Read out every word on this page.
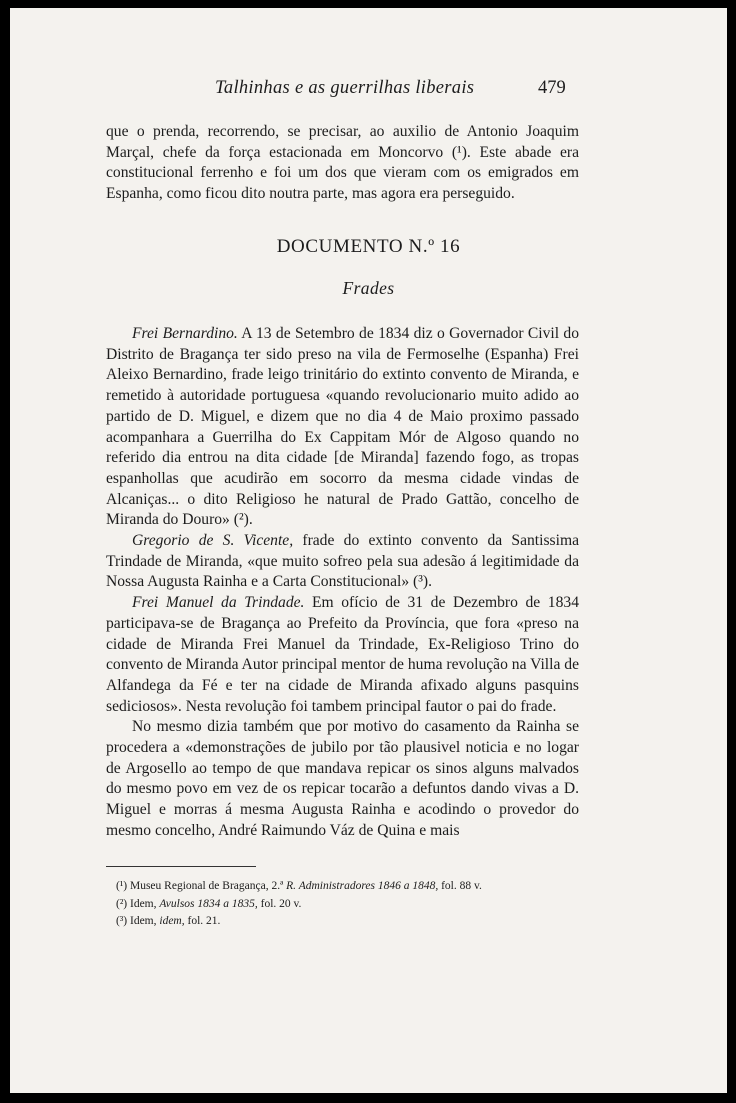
Talhinhas e as guerrilhas liberais	479

que o prenda, recorrendo, se precisar, ao auxilio de Antonio Joaquim Marçal, chefe da força estacionada em Moncorvo (¹). Este abade era constitucional ferrenho e foi um dos que vieram com os emigrados em Espanha, como ficou dito noutra parte, mas agora era perseguido.

DOCUMENTO N.º 16
Frades

Frei Bernardino. A 13 de Setembro de 1834 diz o Governador Civil do Distrito de Bragança ter sido preso na vila de Fermoselhe (Espanha) Frei Aleixo Bernardino, frade leigo trinitário do extinto convento de Miranda, e remetido à autoridade portuguesa «quando revolucionario muito adido ao partido de D. Miguel, e dizem que no dia 4 de Maio proximo passado acompanhara a Guerrilha do Ex Cappitam Mór de Algoso quando no referido dia entrou na dita cidade [de Miranda] fazendo fogo, as tropas espanhollas que acudirão em socorro da mesma cidade vindas de Alcaniças... o dito Religioso he natural de Prado Gattão, concelho de Miranda do Douro» (²).

Gregorio de S. Vicente, frade do extinto convento da Santissima Trindade de Miranda, «que muito sofreo pela sua adesão á legitimidade da Nossa Augusta Rainha e a Carta Constitucional» (³).

Frei Manuel da Trindade. Em ofício de 31 de Dezembro de 1834 participava-se de Bragança ao Prefeito da Província, que fora «preso na cidade de Miranda Frei Manuel da Trindade, Ex-Religioso Trino do convento de Miranda Autor principal mentor de huma revolução na Villa de Alfandega da Fé e ter na cidade de Miranda afixado alguns pasquins sediciosos». Nesta revolução foi tambem principal fautor o pai do frade.

No mesmo dizia também que por motivo do casamento da Rainha se procedera a «demonstrações de jubilo por tão plausivel noticia e no logar de Argosello ao tempo de que mandava repicar os sinos alguns malvados do mesmo povo em vez de os repicar tocarão a defuntos dando vivas a D. Miguel e morras á mesma Augusta Rainha e acodindo o provedor do mesmo concelho, André Raimundo Váz de Quina e mais

(¹) Museu Regional de Bragança, 2.ª R. Administradores 1846 a 1848, fol. 88 v.
(²) Idem, Avulsos 1834 a 1835, fol. 20 v.
(³) Idem, idem, fol. 21.
